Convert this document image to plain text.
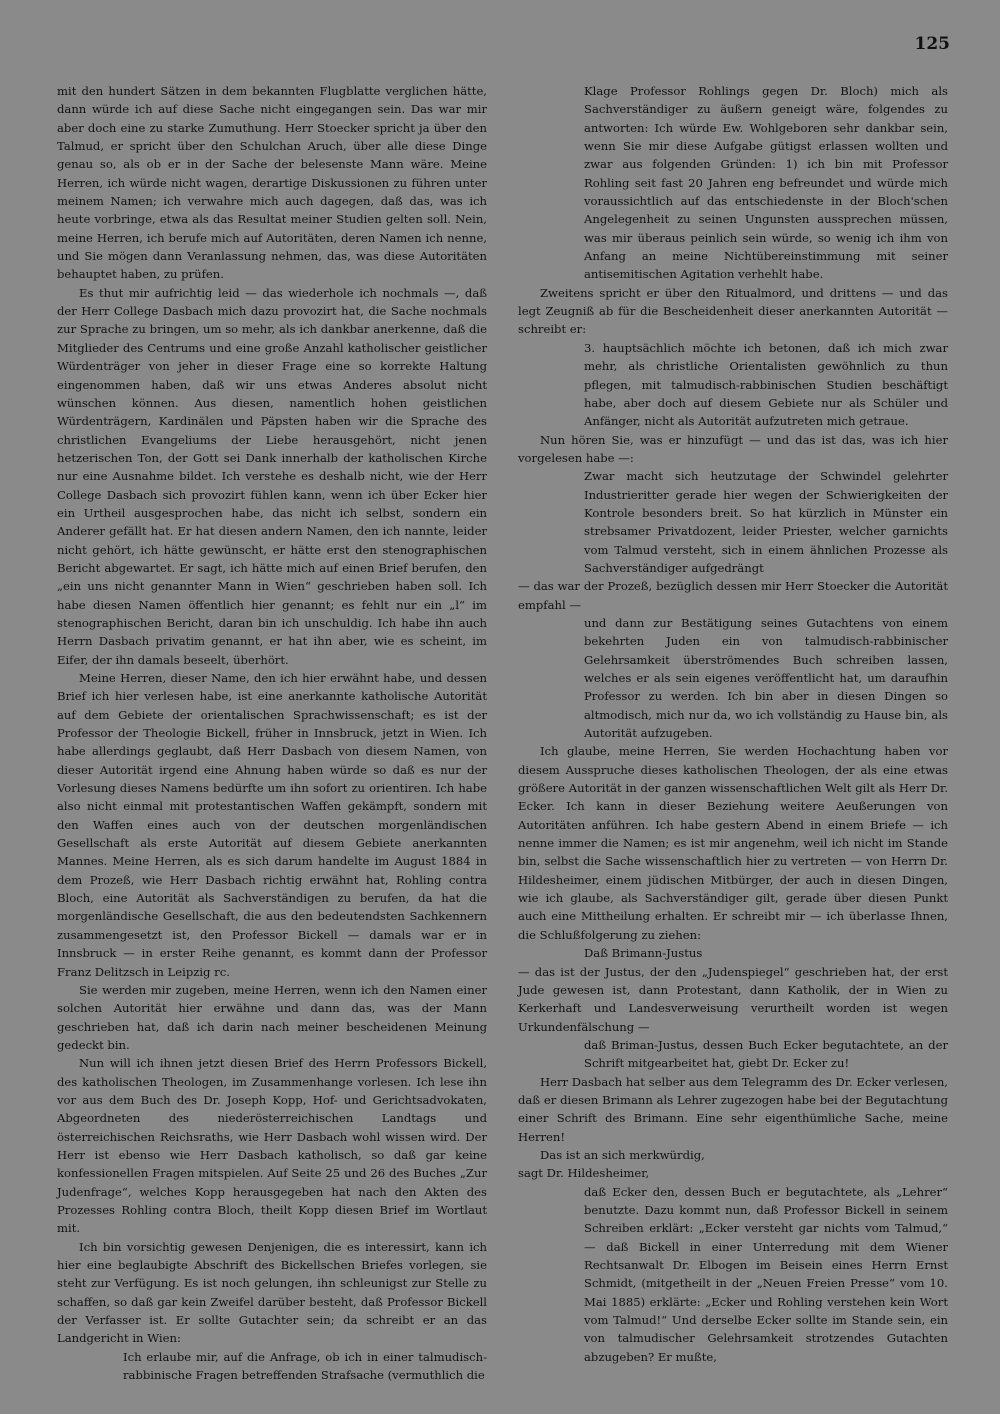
125

mit den hundert Sätzen in dem bekannten Flugblatte verglichen hätte, dann würde ich auf diese Sache nicht eingegangen sein. Das war mir aber doch eine zu starke Zumuthung. Herr Stoecker spricht ja über den Talmud, er spricht über den Schulchan Aruch, über alle diese Dinge genau so, als ob er in der Sache der belesenste Mann wäre. Meine Herren, ich würde nicht wagen, derartige Diskussionen zu führen unter meinem Namen; ich verwahre mich auch dagegen, daß das, was ich heute vorbringe, etwa als das Resultat meiner Studien gelten soll. Nein, meine Herren, ich berufe mich auf Autoritäten, deren Namen ich nenne, und Sie mögen dann Veranlassung nehmen, das, was diese Autoritäten behauptet haben, zu prüfen.

Es thut mir aufrichtig leid — das wiederhole ich nochmals —, daß der Herr College Dasbach mich dazu provozirt hat, die Sache nochmals zur Sprache zu bringen, um so mehr, als ich dankbar anerkenne, daß die Mitglieder des Centrums und eine große Anzahl katholischer geistlicher Würdenträger von jeher in dieser Frage eine so korrekte Haltung eingenommen haben, daß wir uns etwas Anderes absolut nicht wünschen können. Aus diesen, namentlich hohen geistlichen Würdenträgern, Kardinälen und Päpsten haben wir die Sprache des christlichen Evangeliums der Liebe herausgehört, nicht jenen hetzerischen Ton, der Gott sei Dank innerhalb der katholischen Kirche nur eine Ausnahme bildet. Ich verstehe es deshalb nicht, wie der Herr College Dasbach sich provozirt fühlen kann, wenn ich über Ecker hier ein Urtheil ausgesprochen habe, das nicht ich selbst, sondern ein Anderer gefällt hat. Er hat diesen andern Namen, den ich nannte, leider nicht gehört, ich hätte gewünscht, er hätte erst den stenographischen Bericht abgewartet. Er sagt, ich hätte mich auf einen Brief berufen, den „ein uns nicht genannter Mann in Wien“ geschrieben haben soll. Ich habe diesen Namen öffentlich hier genannt; es fehlt nur ein „l“ im stenographischen Bericht, daran bin ich unschuldig. Ich habe ihn auch Herrn Dasbach privatim genannt, er hat ihn aber, wie es scheint, im Eifer, der ihn damals beseelt, überhört.

Meine Herren, dieser Name, den ich hier erwähnt habe, und dessen Brief ich hier verlesen habe, ist eine anerkannte katholische Autorität auf dem Gebiete der orientalischen Sprachwissenschaft; es ist der Professor der Theologie Bickell, früher in Innsbruck, jetzt in Wien. Ich habe allerdings geglaubt, daß Herr Dasbach von diesem Namen, von dieser Autorität irgend eine Ahnung haben würde so daß es nur der Vorlesung dieses Namens bedürfte um ihn sofort zu orientiren. Ich habe also nicht einmal mit protestantischen Waffen gekämpft, sondern mit den Waffen eines auch von der deutschen morgenländischen Gesellschaft als erste Autorität auf diesem Gebiete anerkannten Mannes. Meine Herren, als es sich darum handelte im August 1884 in dem Prozeß, wie Herr Dasbach richtig erwähnt hat, Rohling contra Bloch, eine Autorität als Sachverständigen zu berufen, da hat die morgenländische Gesellschaft, die aus den bedeutendsten Sachkennern zusammengesetzt ist, den Professor Bickell — damals war er in Innsbruck — in erster Reihe genannt, es kommt dann der Professor Franz Delitzsch in Leipzig rc.

Sie werden mir zugeben, meine Herren, wenn ich den Namen einer solchen Autorität hier erwähne und dann das, was der Mann geschrieben hat, daß ich darin nach meiner bescheidenen Meinung gedeckt bin.

Nun will ich ihnen jetzt diesen Brief des Herrn Professors Bickell, des katholischen Theologen, im Zusammenhange vorlesen. Ich lese ihn vor aus dem Buch des Dr. Joseph Kopp, Hof- und Gerichtsadvokaten, Abgeordneten des niederösterreichischen Landtags und österreichischen Reichsraths, wie Herr Dasbach wohl wissen wird. Der Herr ist ebenso wie Herr Dasbach katholisch, so daß gar keine konfessionellen Fragen mitspielen. Auf Seite 25 und 26 des Buches „Zur Judenfrage“, welches Kopp herausgegeben hat nach den Akten des Prozesses Rohling contra Bloch, theilt Kopp diesen Brief im Wortlaut mit.

Ich bin vorsichtig gewesen Denjenigen, die es interessirt, kann ich hier eine beglaubigte Abschrift des Bickellschen Briefes vorlegen, sie steht zur Verfügung. Es ist noch gelungen, ihn schleunigst zur Stelle zu schaffen, so daß gar kein Zweifel darüber besteht, daß Professor Bickell der Verfasser ist. Er sollte Gutachter sein; da schreibt er an das Landgericht in Wien:

Ich erlaube mir, auf die Anfrage, ob ich in einer talmudisch-rabbinische Fragen betreffenden Strafsache (vermuthlich die

Klage Professor Rohlings gegen Dr. Bloch) mich als Sachverständiger zu äußern geneigt wäre, folgendes zu antworten: Ich würde Ew. Wohlgeboren sehr dankbar sein, wenn Sie mir diese Aufgabe gütigst erlassen wollten und zwar aus folgenden Gründen: 1) ich bin mit Professor Rohling seit fast 20 Jahren eng befreundet und würde mich voraussichtlich auf das entschiedenste in der Bloch'schen Angelegenheit zu seinen Ungunsten aussprechen müssen, was mir überaus peinlich sein würde, so wenig ich ihm von Anfang an meine Nichtübereinstimmung mit seiner antisemitischen Agitation verhehlt habe.

Zweitens spricht er über den Ritualmord, und drittens — und das legt Zeugniß ab für die Bescheidenheit dieser anerkannten Autorität — schreibt er:

3. hauptsächlich möchte ich betonen, daß ich mich zwar mehr, als christliche Orientalisten gewöhnlich zu thun pflegen, mit talmudisch-rabbinischen Studien beschäftigt habe, aber doch auf diesem Gebiete nur als Schüler und Anfänger, nicht als Autorität aufzutreten mich getraue.

Nun hören Sie, was er hinzufügt — und das ist das, was ich hier vorgelesen habe —:

Zwar macht sich heutzutage der Schwindel gelehrter Industrieritter gerade hier wegen der Schwierigkeiten der Kontrole besonders breit. So hat kürzlich in Münster ein strebsamer Privatdozent, leider Priester, welcher garnichts vom Talmud versteht, sich in einem ähnlichen Prozesse als Sachverständiger aufgedrängt

— das war der Prozeß, bezüglich dessen mir Herr Stoecker die Autorität empfahl —

und dann zur Bestätigung seines Gutachtens von einem bekehrten Juden ein von talmudisch-rabbinischer Gelehrsamkeit überströmendes Buch schreiben lassen, welches er als sein eigenes veröffentlicht hat, um daraufhin Professor zu werden. Ich bin aber in diesen Dingen so altmodisch, mich nur da, wo ich vollständig zu Hause bin, als Autorität aufzugeben.

Ich glaube, meine Herren, Sie werden Hochachtung haben vor diesem Ausspruche dieses katholischen Theologen, der als eine etwas größere Autorität in der ganzen wissenschaftlichen Welt gilt als Herr Dr. Ecker. Ich kann in dieser Beziehung weitere Aeußerungen von Autoritäten anführen. Ich habe gestern Abend in einem Briefe — ich nenne immer die Namen; es ist mir angenehm, weil ich nicht im Stande bin, selbst die Sache wissenschaftlich hier zu vertreten — von Herrn Dr. Hildesheimer, einem jüdischen Mitbürger, der auch in diesen Dingen, wie ich glaube, als Sachverständiger gilt, gerade über diesen Punkt auch eine Mittheilung erhalten. Er schreibt mir — ich überlasse Ihnen, die Schlußfolgerung zu ziehen:

Daß Brimann-Justus

— das ist der Justus, der den „Judenspiegel“ geschrieben hat, der erst Jude gewesen ist, dann Protestant, dann Katholik, der in Wien zu Kerkerhaft und Landesverweisung verurtheilt worden ist wegen Urkundenfälschung —

daß Briman-Justus, dessen Buch Ecker begutachtete, an der Schrift mitgearbeitet hat, giebt Dr. Ecker zu!

Herr Dasbach hat selber aus dem Telegramm des Dr. Ecker verlesen, daß er diesen Brimann als Lehrer zugezogen habe bei der Begutachtung einer Schrift des Brimann. Eine sehr eigenthümliche Sache, meine Herren!

Das ist an sich merkwürdig,

sagt Dr. Hildesheimer,

daß Ecker den, dessen Buch er begutachtete, als „Lehrer“ benutzte. Dazu kommt nun, daß Professor Bickell in seinem Schreiben erklärt: „Ecker versteht gar nichts vom Talmud,“ — daß Bickell in einer Unterredung mit dem Wiener Rechtsanwalt Dr. Elbogen im Beisein eines Herrn Ernst Schmidt, (mitgetheilt in der „Neuen Freien Presse“ vom 10. Mai 1885) erklärte: „Ecker und Rohling verstehen kein Wort vom Talmud!“ Und derselbe Ecker sollte im Stande sein, ein von talmudischer Gelehrsamkeit strotzendes Gutachten abzugeben? Er mußte,
